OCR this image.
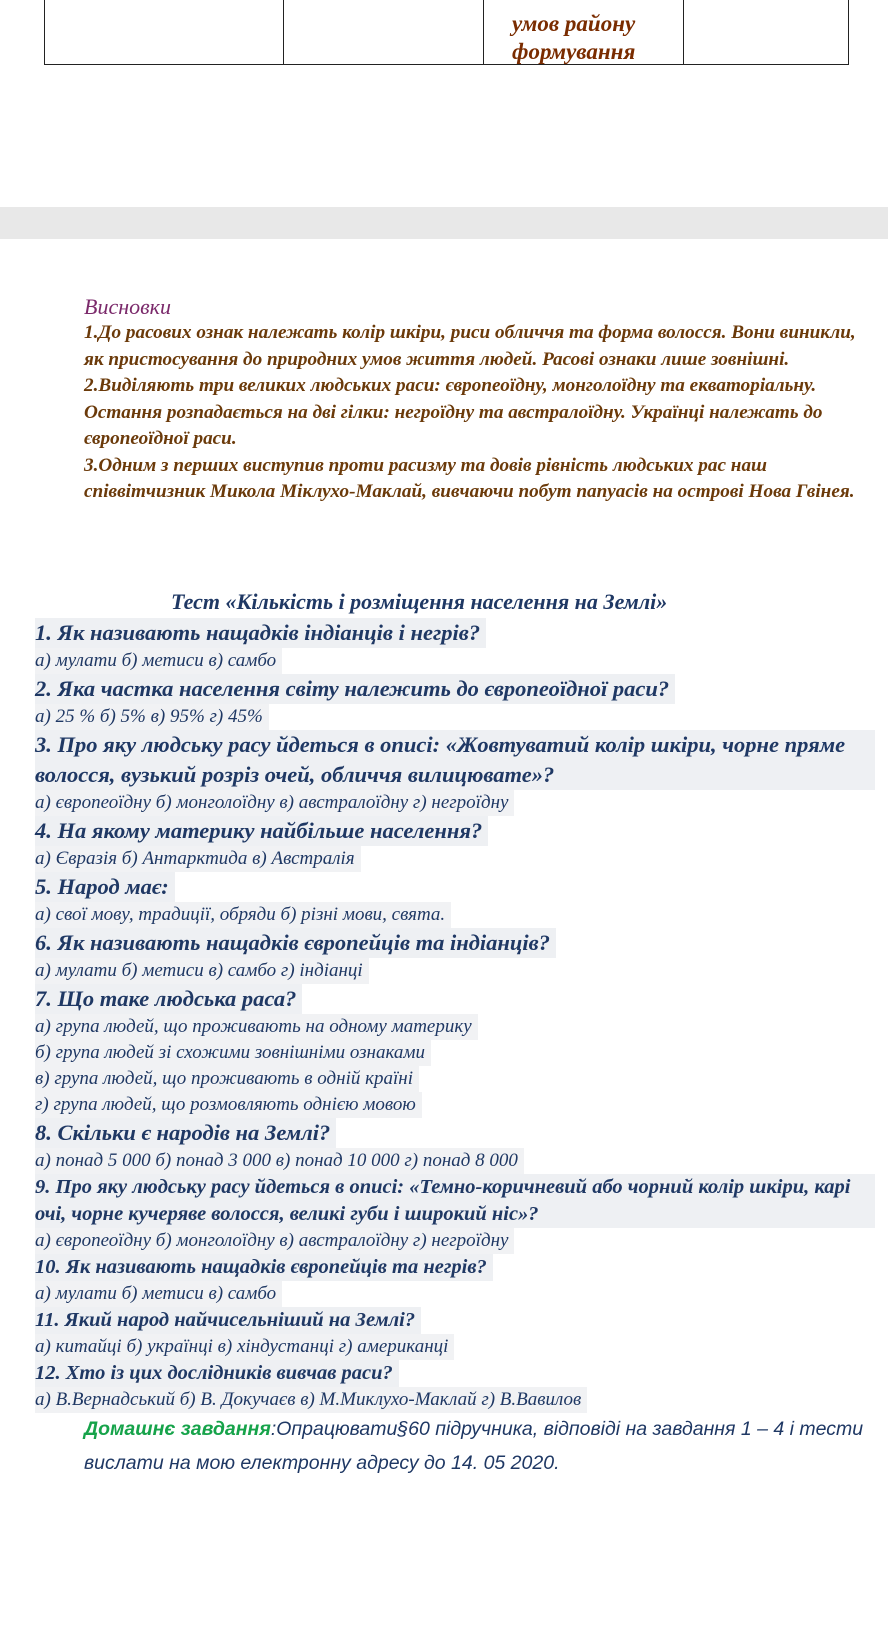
умов району
формування
Висновки
1.До расових ознак належать колір шкіри, риси обличчя та форма волосся. Вони виникли, як пристосування до природних умов життя людей. Расові ознаки лише зовнішні.
2.Виділяють три великих людських раси: європеоїдну, монголоїдну та екваторіальну. Остання розпадається на дві гілки: негроїдну та австралоїдну. Українці належать до європеоїдної раси.
3.Одним з перших виступив проти расизму та довів рівність людських рас наш співвітчизник Микола Міклухо-Маклай, вивчаючи побут папуасів на острові Нова Гвінея.
Тест «Кількість і розміщення населення на Землі»
1. Як називають нащадків індіанців і негрів?
а) мулати б) метиси в) самбо
2. Яка частка населення світу належить до європеоїдної раси?
а) 25 % б) 5% в) 95% г) 45%
3. Про яку людську расу йдеться в описі: «Жовтуватий колір шкіри, чорне пряме волосся, вузький розріз очей, обличчя вилицювате»?
а) європеоїдну б) монголоїдну в) австралоїдну г) негроїдну
4. На якому материку найбільше населення?
а) Євразія б) Антарктида в) Австралія
5. Народ має:
а) свої мову, традиції, обряди б) різні мови, свята.
6. Як називають нащадків європейців та індіанців?
а) мулати б) метиси в) самбо г) індіанці
7. Що таке людська раса?
а) група людей, що проживають на одному материку
б) група людей зі схожими зовнішніми ознаками
в) група людей, що проживають в одній країні
г) група людей, що розмовляють однією мовою
8. Скільки є народів на Землі?
а) понад 5 000 б) понад 3 000 в) понад 10 000 г) понад 8 000
9. Про яку людську расу йдеться в описі: «Темно-коричневий або чорний колір шкіри, карі очі, чорне кучеряве волосся, великі губи і широкий ніс»?
а) європеоїдну б) монголоїдну в) австралоїдну г) негроїдну
10. Як називають нащадків європейців та негрів?
а) мулати б) метиси в) самбо
11. Який народ найчисельніший на Землі?
а) китайці б) українці в) хіндустанці г) американці
12. Хто із цих дослідників вивчав раси?
а) В.Вернадський б) В. Докучаєв в) М.Миклухо-Маклай г) В.Вавилов
Домашнє завдання:Опрацювати§60 підручника, відповіді на завдання 1 – 4 і тести вислати на мою електронну адресу до 14. 05 2020.
